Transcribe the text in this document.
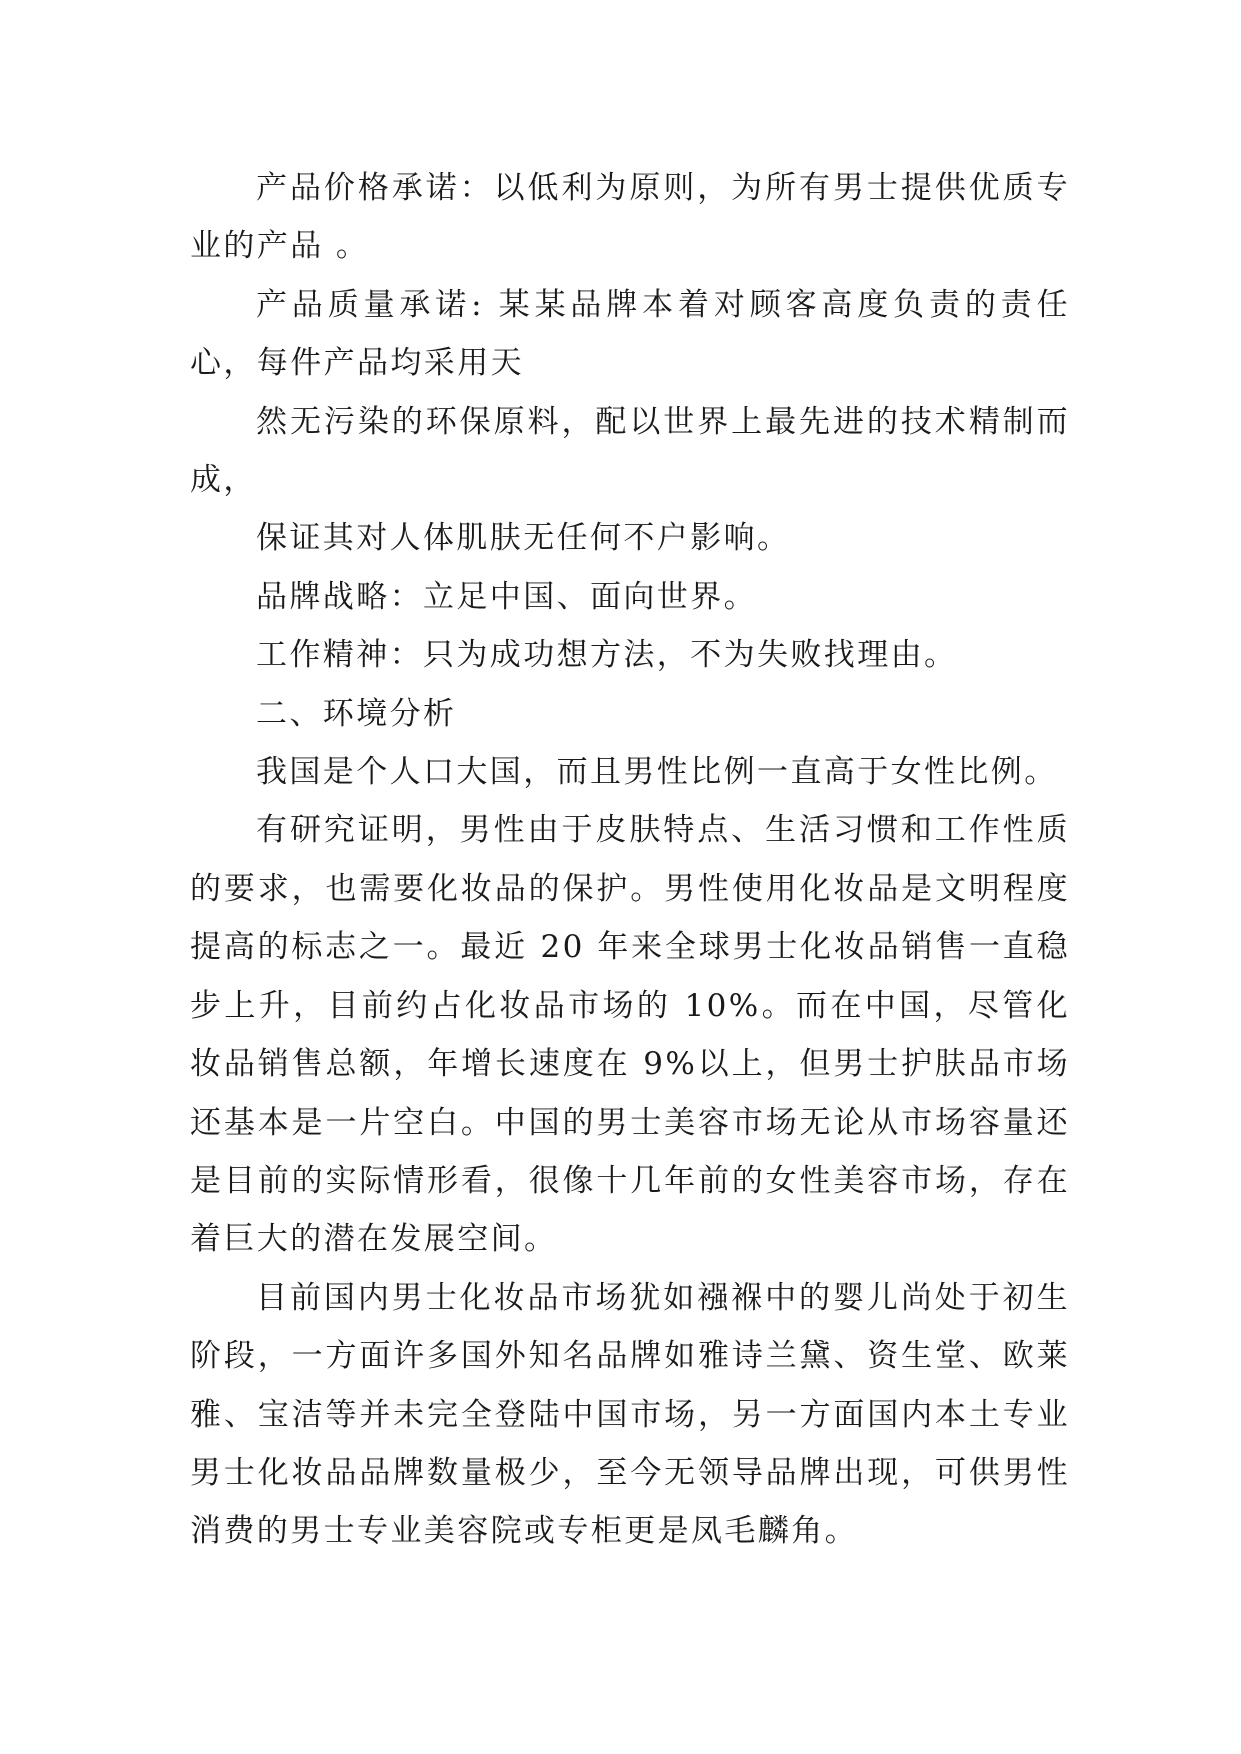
产品价格承诺：以低利为原则，为所有男士提供优质专业的产品 。

产品质量承诺: 某某品牌本着对顾客高度负责的责任心，每件产品均采用天

然无污染的环保原料，配以世界上最先进的技术精制而成，

保证其对人体肌肤无任何不户影响。

品牌战略：立足中国、面向世界。

工作精神：只为成功想方法，不为失败找理由。

二、环境分析

我国是个人口大国，而且男性比例一直高于女性比例。

有研究证明，男性由于皮肤特点、生活习惯和工作性质的要求，也需要化妆品的保护。男性使用化妆品是文明程度提高的标志之一。最近 20 年来全球男士化妆品销售一直稳步上升，目前约占化妆品市场的 10%。而在中国，尽管化妆品销售总额，年增长速度在 9%以上，但男士护肤品市场还基本是一片空白。中国的男士美容市场无论从市场容量还是目前的实际情形看，很像十几年前的女性美容市场，存在着巨大的潜在发展空间。

目前国内男士化妆品市场犹如襁褓中的婴儿尚处于初生阶段，一方面许多国外知名品牌如雅诗兰黛、资生堂、欧莱雅、宝洁等并未完全登陆中国市场，另一方面国内本土专业男士化妆品品牌数量极少，至今无领导品牌出现，可供男性消费的男士专业美容院或专柜更是凤毛麟角。
